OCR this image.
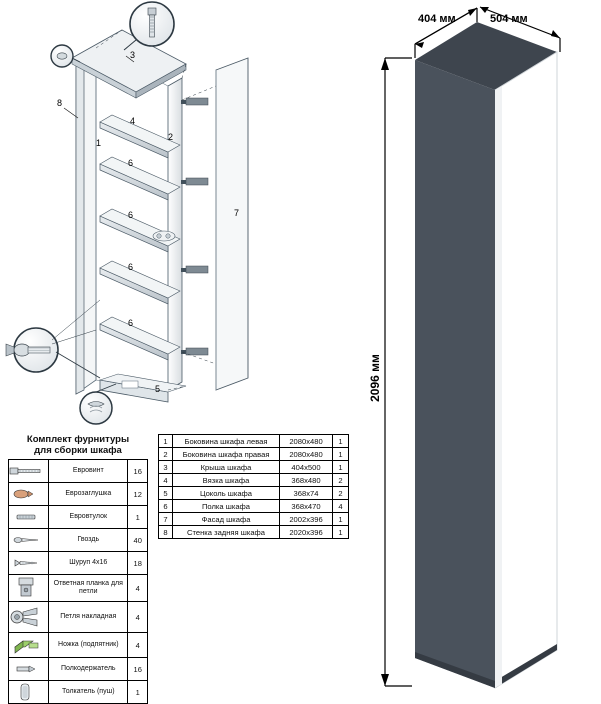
8
1
2
3
4
5
6
6
6
6
7
Комплект фурнитуры
для сборки шкафа
	Евровинт	16

	Еврозаглушка	12

	Евровтулок	1

	Гвоздь	40

	Шуруп 4х16	18

	Ответная планка для петли	4

	Петля накладная	4

	Ножка (подпятник)	4

	Полкодержатель	16

	Толкатель (пуш)	1
1	Боковина шкафа левая	2080x480	1
2	Боковина шкафа правая	2080x480	1
3	Крыша шкафа	404x500	1
4	Вязка шкафа	368x480	2
5	Цоколь шкафа	368x74	2
6	Полка шкафа	368x470	4
7	Фасад шкафа	2002x396	1
8	Стенка задняя шкафа	2020x396	1
404 мм	504 мм
2096 мм
